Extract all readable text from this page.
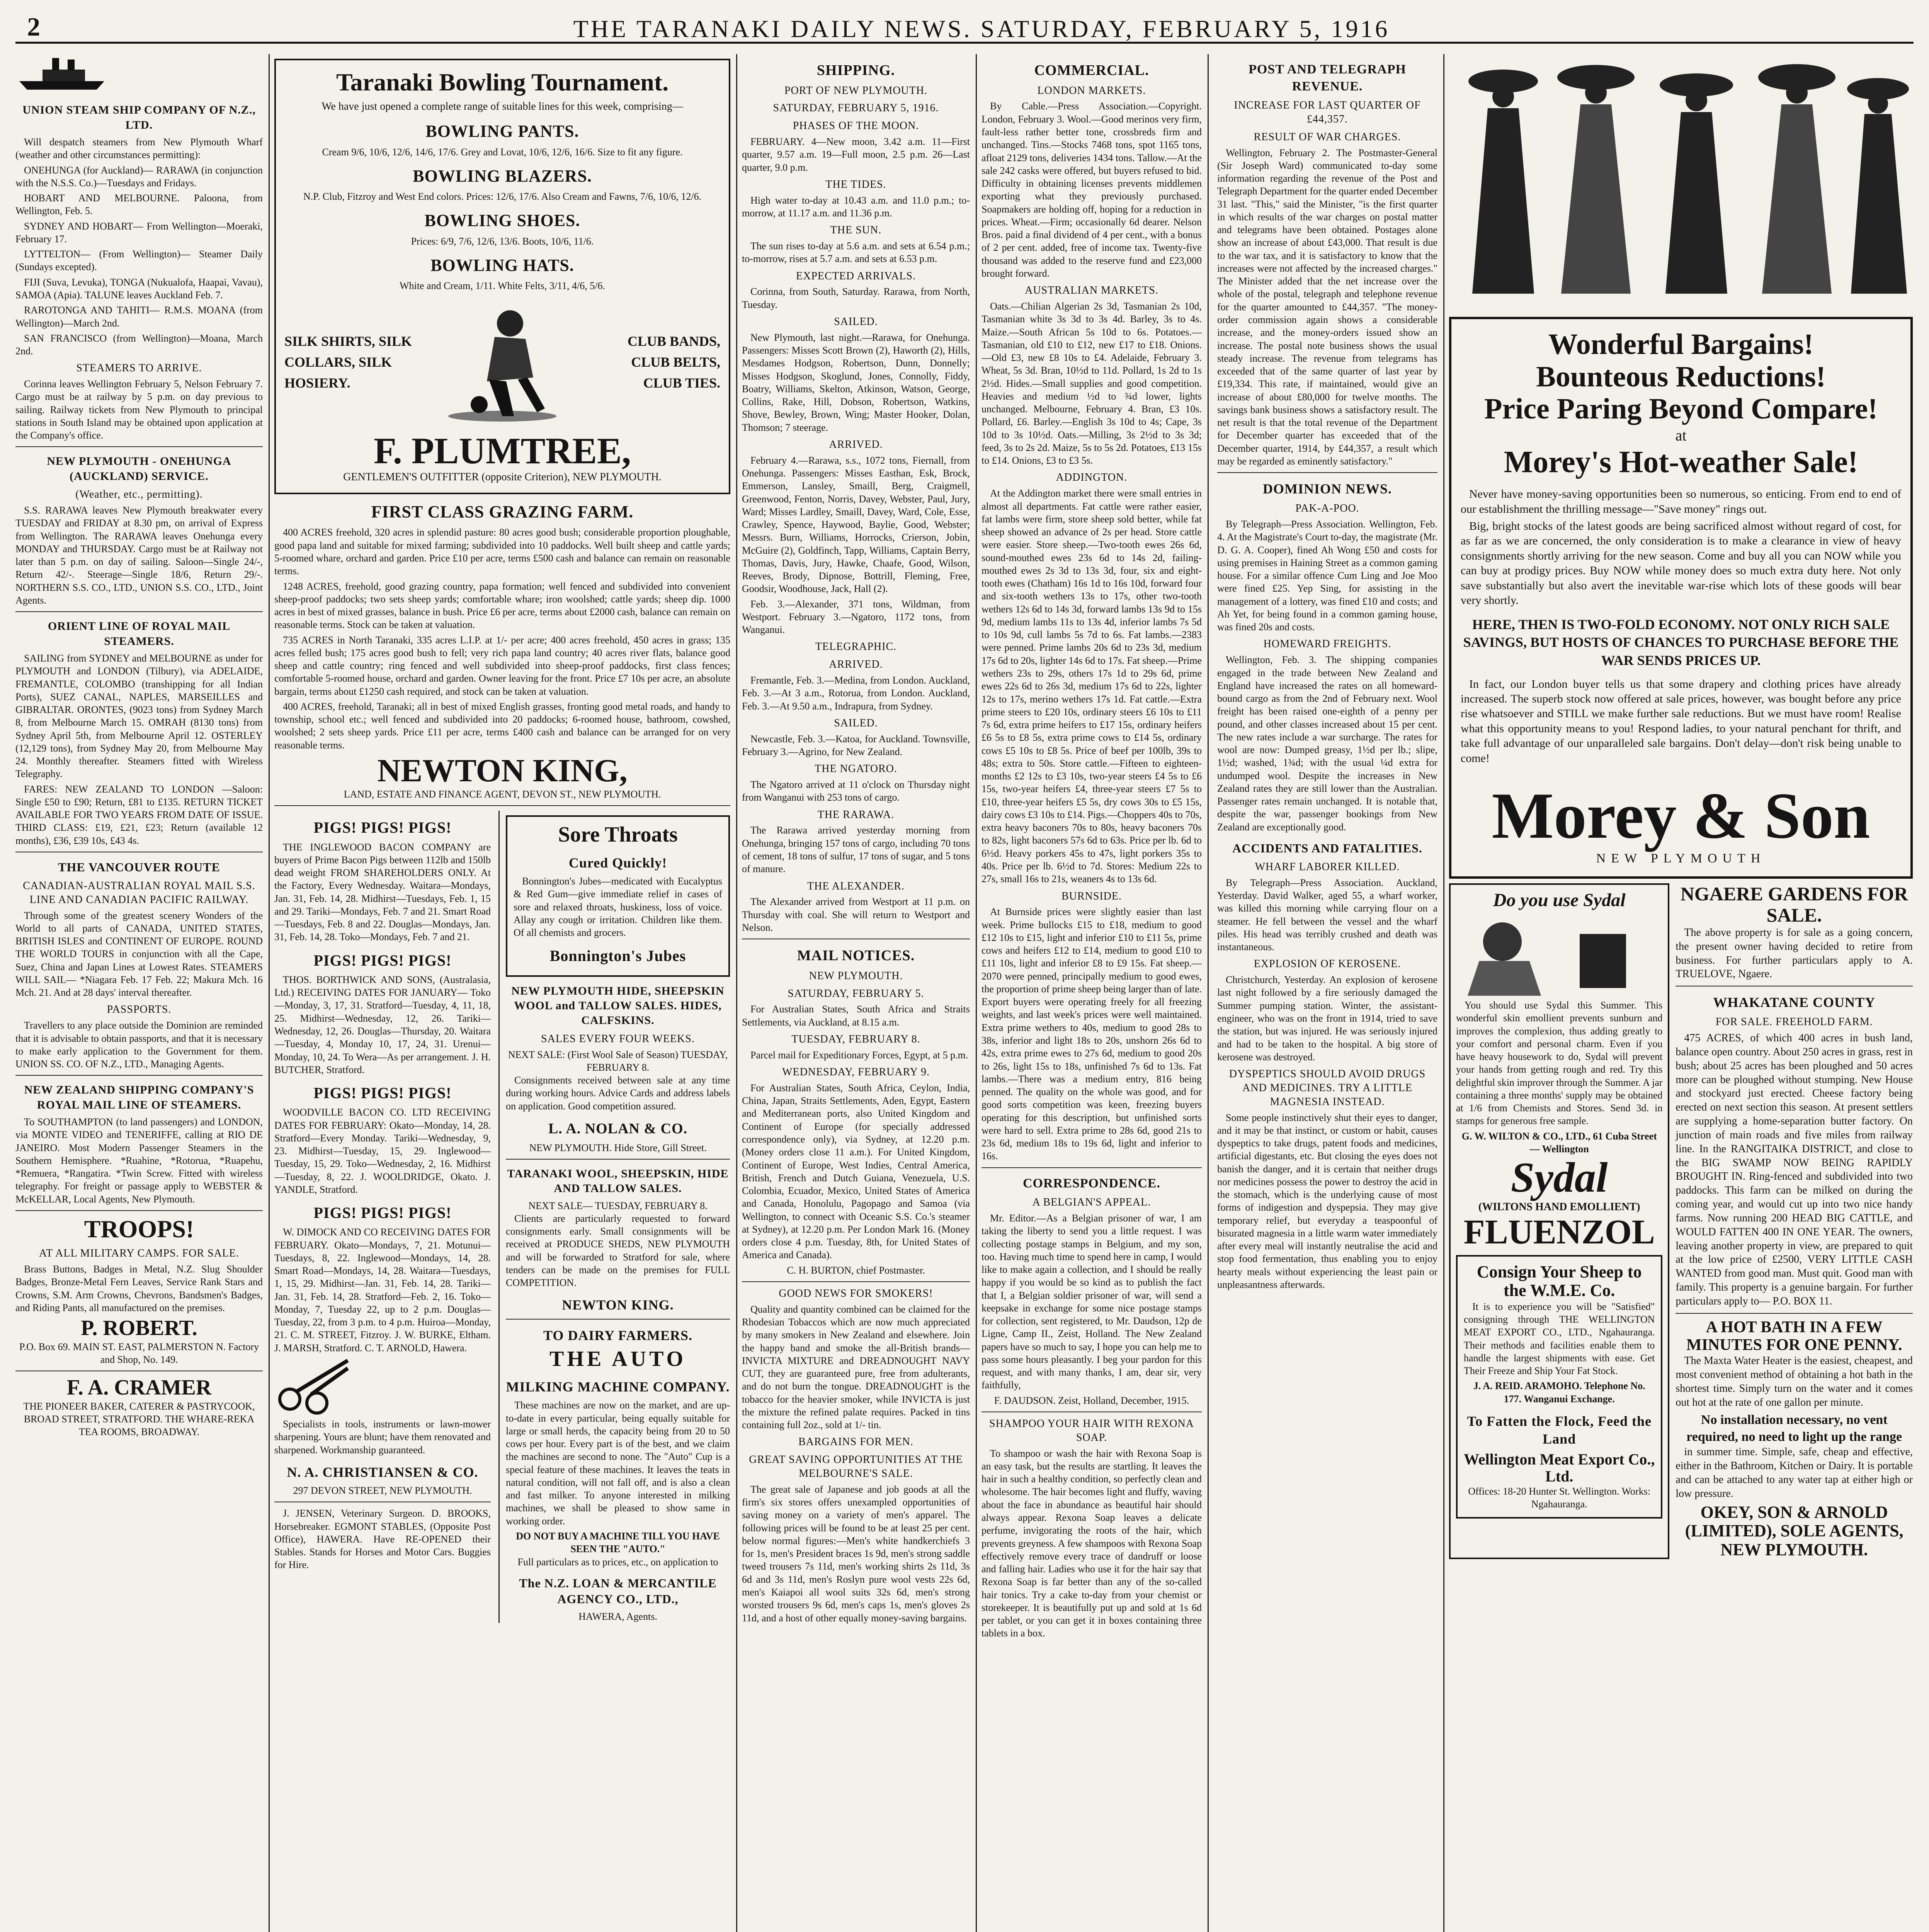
2	THE TARANAKI DAILY NEWS. SATURDAY, FEBRUARY 5, 1916
UNION STEAM SHIP COMPANY OF N.Z., LTD.

Will despatch steamers from New Plymouth Wharf (weather and other circumstances permitting):

ONEHUNGA (for Auckland)— RARAWA (in conjunction with the N.S.S. Co.)—Tuesdays and Fridays.

HOBART AND MELBOURNE. Paloona, from Wellington, Feb. 5.

SYDNEY AND HOBART— From Wellington—Moeraki, February 17.

LYTTELTON— (From Wellington)— Steamer Daily (Sundays excepted).

FIJI (Suva, Levuka), TONGA (Nukualofa, Haapai, Vavau), SAMOA (Apia). TALUNE leaves Auckland Feb. 7.

RAROTONGA AND TAHITI— R.M.S. MOANA (from Wellington)—March 2nd.

SAN FRANCISCO (from Wellington)—Moana, March 2nd.

STEAMERS TO ARRIVE.

Corinna leaves Wellington February 5, Nelson February 7. Cargo must be at railway by 5 p.m. on day previous to sailing. Railway tickets from New Plymouth to principal stations in South Island may be obtained upon application at the Company's office.

NEW PLYMOUTH - ONEHUNGA (AUCKLAND) SERVICE.
(Weather, etc., permitting).

S.S. RARAWA leaves New Plymouth breakwater every TUESDAY and FRIDAY at 8.30 pm, on arrival of Express from Wellington. The RARAWA leaves Onehunga every MONDAY and THURSDAY. Cargo must be at Railway not later than 5 p.m. on day of sailing. Saloon—Single 24/-, Return 42/-. Steerage—Single 18/6, Return 29/-. NORTHERN S.S. CO., LTD., UNION S.S. CO., LTD., Joint Agents.

ORIENT LINE OF ROYAL MAIL STEAMERS.

SAILING from SYDNEY and MELBOURNE as under for PLYMOUTH and LONDON (Tilbury), via ADELAIDE, FREMANTLE, COLOMBO (transhipping for all Indian Ports), SUEZ CANAL, NAPLES, MARSEILLES and GIBRALTAR. ORONTES, (9023 tons) from Sydney March 8, from Melbourne March 15. OMRAH (8130 tons) from Sydney April 5th, from Melbourne April 12. OSTERLEY (12,129 tons), from Sydney May 20, from Melbourne May 24. Monthly thereafter. Steamers fitted with Wireless Telegraphy.

FARES: NEW ZEALAND TO LONDON —Saloon: Single £50 to £90; Return, £81 to £135. RETURN TICKET AVAILABLE FOR TWO YEARS FROM DATE OF ISSUE. THIRD CLASS: £19, £21, £23; Return (available 12 months), £36, £39 10s, £43 4s.

THE VANCOUVER ROUTE
CANADIAN-AUSTRALIAN ROYAL MAIL S.S. LINE AND CANADIAN PACIFIC RAILWAY.

Through some of the greatest scenery Wonders of the World to all parts of CANADA, UNITED STATES, BRITISH ISLES and CONTINENT OF EUROPE. ROUND THE WORLD TOURS in conjunction with all the Cape, Suez, China and Japan Lines at Lowest Rates. STEAMERS WILL SAIL— *Niagara Feb. 17 Feb. 22; Makura Mch. 16 Mch. 21. And at 28 days' interval thereafter.

PASSPORTS.

Travellers to any place outside the Dominion are reminded that it is advisable to obtain passports, and that it is necessary to make early application to the Government for them. UNION SS. CO. OF N.Z., LTD., Managing Agents.

NEW ZEALAND SHIPPING COMPANY'S ROYAL MAIL LINE OF STEAMERS.

To SOUTHAMPTON (to land passengers) and LONDON, via MONTE VIDEO and TENERIFFE, calling at RIO DE JANEIRO. Most Modern Passenger Steamers in the Southern Hemisphere. *Ruahine, *Rotorua, *Ruapehu, *Remuera, *Rangatira. *Twin Screw. Fitted with wireless telegraphy. For freight or passage apply to WEBSTER & McKELLAR, Local Agents, New Plymouth.

TROOPS!
AT ALL MILITARY CAMPS. FOR SALE.

Brass Buttons, Badges in Metal, N.Z. Slug Shoulder Badges, Bronze-Metal Fern Leaves, Service Rank Stars and Crowns, S.M. Arm Crowns, Chevrons, Bandsmen's Badges, and Riding Pants, all manufactured on the premises.

P. ROBERT.
P.O. Box 69. MAIN ST. EAST, PALMERSTON N. Factory and Shop, No. 149.
F. A. CRAMER
THE PIONEER BAKER, CATERER & PASTRYCOOK, BROAD STREET, STRATFORD. THE WHARE-REKA TEA ROOMS, BROADWAY.
Taranaki Bowling Tournament.
We have just opened a complete range of suitable lines for this week, comprising—
BOWLING PANTS.
Cream 9/6, 10/6, 12/6, 14/6, 17/6. Grey and Lovat, 10/6, 12/6, 16/6. Size to fit any figure.
BOWLING BLAZERS.
N.P. Club, Fitzroy and West End colors. Prices: 12/6, 17/6. Also Cream and Fawns, 7/6, 10/6, 12/6.
BOWLING SHOES.
Prices: 6/9, 7/6, 12/6, 13/6. Boots, 10/6, 11/6.
BOWLING HATS.
White and Cream, 1/11. White Felts, 3/11, 4/6, 5/6.
SILK SHIRTS, SILK COLLARS, SILK HOSIERY.
CLUB BANDS, CLUB BELTS, CLUB TIES.
F. PLUMTREE,
GENTLEMEN'S OUTFITTER (opposite Criterion), NEW PLYMOUTH.
FIRST CLASS GRAZING FARM.

400 ACRES freehold, 320 acres in splendid pasture: 80 acres good bush; considerable proportion ploughable, good papa land and suitable for mixed farming; subdivided into 10 paddocks. Well built sheep and cattle yards; 5-roomed whare, orchard and garden. Price £10 per acre, terms £500 cash and balance can remain on reasonable terms.

1248 ACRES, freehold, good grazing country, papa formation; well fenced and subdivided into convenient sheep-proof paddocks; two sets sheep yards; comfortable whare; iron woolshed; cattle yards; sheep dip. 1000 acres in best of mixed grasses, balance in bush. Price £6 per acre, terms about £2000 cash, balance can remain on reasonable terms. Stock can be taken at valuation.

735 ACRES in North Taranaki, 335 acres L.I.P. at 1/- per acre; 400 acres freehold, 450 acres in grass; 135 acres felled bush; 175 acres good bush to fell; very rich papa land country; 40 acres river flats, balance good sheep and cattle country; ring fenced and well subdivided into sheep-proof paddocks, first class fences; comfortable 5-roomed house, orchard and garden. Owner leaving for the front. Price £7 10s per acre, an absolute bargain, terms about £1250 cash required, and stock can be taken at valuation.

400 ACRES, freehold, Taranaki; all in best of mixed English grasses, fronting good metal roads, and handy to township, school etc.; well fenced and subdivided into 20 paddocks; 6-roomed house, bathroom, cowshed, woolshed; 2 sets sheep yards. Price £11 per acre, terms £400 cash and balance can be arranged for on very reasonable terms.

NEWTON KING,
LAND, ESTATE AND FINANCE AGENT, DEVON ST., NEW PLYMOUTH.
PIGS! PIGS! PIGS!

THE INGLEWOOD BACON COMPANY are buyers of Prime Bacon Pigs between 112lb and 150lb dead weight FROM SHAREHOLDERS ONLY. At the Factory, Every Wednesday. Waitara—Mondays, Jan. 31, Feb. 14, 28. Midhirst—Tuesdays, Feb. 1, 15 and 29. Tariki—Mondays, Feb. 7 and 21. Smart Road—Tuesdays, Feb. 8 and 22. Douglas—Mondays, Jan. 31, Feb. 14, 28. Toko—Mondays, Feb. 7 and 21.

PIGS! PIGS! PIGS!

THOS. BORTHWICK AND SONS, (Australasia, Ltd.) RECEIVING DATES FOR JANUARY— Toko—Monday, 3, 17, 31. Stratford—Tuesday, 4, 11, 18, 25. Midhirst—Wednesday, 12, 26. Tariki—Wednesday, 12, 26. Douglas—Thursday, 20. Waitara—Tuesday, 4, Monday 10, 17, 24, 31. Urenui—Monday, 10, 24. To Wera—As per arrangement. J. H. BUTCHER, Stratford.

PIGS! PIGS! PIGS!

WOODVILLE BACON CO. LTD RECEIVING DATES FOR FEBRUARY: Okato—Monday, 14, 28. Stratford—Every Monday. Tariki—Wednesday, 9, 23. Midhirst—Tuesday, 15, 29. Inglewood—Tuesday, 15, 29. Toko—Wednesday, 2, 16. Midhirst—Tuesday, 8, 22. J. WOOLDRIDGE, Okato. J. YANDLE, Stratford.

PIGS! PIGS! PIGS!

W. DIMOCK AND CO RECEIVING DATES FOR FEBRUARY. Okato—Mondays, 7, 21. Motunui—Tuesdays, 8, 22. Inglewood—Mondays, 14, 28. Smart Road—Mondays, 14, 28. Waitara—Tuesdays, 1, 15, 29. Midhirst—Jan. 31, Feb. 14, 28. Tariki—Jan. 31, Feb. 14, 28. Stratford—Feb. 2, 16. Toko—Monday, 7, Tuesday 22, up to 2 p.m. Douglas—Tuesday, 22, from 3 p.m. to 4 p.m. Huiroa—Monday, 21. C. M. STREET, Fitzroy. J. W. BURKE, Eltham. J. MARSH, Stratford. C. T. ARNOLD, Hawera.

Specialists in tools, instruments or lawn-mower sharpening. Yours are blunt; have them renovated and sharpened. Workmanship guaranteed.

N. A. CHRISTIANSEN & CO.
297 DEVON STREET, NEW PLYMOUTH.

J. JENSEN, Veterinary Surgeon. D. BROOKS, Horsebreaker. EGMONT STABLES, (Opposite Post Office), HAWERA. Have RE-OPENED their Stables. Stands for Horses and Motor Cars. Buggies for Hire.

Sore Throats
Cured Quickly!

Bonnington's Jubes—medicated with Eucalyptus & Red Gum—give immediate relief in cases of sore and relaxed throats, huskiness, loss of voice. Allay any cough or irritation. Children like them. Of all chemists and grocers.

Bonnington's Jubes
NEW PLYMOUTH HIDE, SHEEPSKIN WOOL and TALLOW SALES. HIDES, CALFSKINS.
SALES EVERY FOUR WEEKS.
NEXT SALE: (First Wool Sale of Season) TUESDAY, FEBRUARY 8.

Consignments received between sale at any time during working hours. Advice Cards and address labels on application. Good competition assured.

L. A. NOLAN & CO.
NEW PLYMOUTH. Hide Store, Gill Street.
TARANAKI WOOL, SHEEPSKIN, HIDE AND TALLOW SALES.
NEXT SALE— TUESDAY, FEBRUARY 8.

Clients are particularly requested to forward consignments early. Small consignments will be received at PRODUCE SHEDS, NEW PLYMOUTH and will be forwarded to Stratford for sale, where tenders can be made on the premises for FULL COMPETITION.

NEWTON KING.
TO DAIRY FARMERS.
THE AUTO
MILKING MACHINE COMPANY.

These machines are now on the market, and are up-to-date in every particular, being equally suitable for large or small herds, the capacity being from 20 to 50 cows per hour. Every part is of the best, and we claim the machines are second to none. The "Auto" Cup is a special feature of these machines. It leaves the teats in natural condition, will not fall off, and is also a clean and fast milker. To anyone interested in milking machines, we shall be pleased to show same in working order.

DO NOT BUY A MACHINE TILL YOU HAVE SEEN THE "AUTO."
Full particulars as to prices, etc., on application to
The N.Z. LOAN & MERCANTILE AGENCY CO., LTD.,
HAWERA, Agents.
SHIPPING.
PORT OF NEW PLYMOUTH.
SATURDAY, FEBRUARY 5, 1916.
PHASES OF THE MOON.

FEBRUARY. 4—New moon, 3.42 a.m. 11—First quarter, 9.57 a.m. 19—Full moon, 2.5 p.m. 26—Last quarter, 9.0 p.m.

THE TIDES.

High water to-day at 10.43 a.m. and 11.0 p.m.; to-morrow, at 11.17 a.m. and 11.36 p.m.

THE SUN.

The sun rises to-day at 5.6 a.m. and sets at 6.54 p.m.; to-morrow, rises at 5.7 a.m. and sets at 6.53 p.m.

EXPECTED ARRIVALS.

Corinna, from South, Saturday. Rarawa, from North, Tuesday.

SAILED.

New Plymouth, last night.—Rarawa, for Onehunga. Passengers: Misses Scott Brown (2), Haworth (2), Hills, Mesdames Hodgson, Robertson, Dunn, Donnelly; Misses Hodgson, Skoglund, Jones, Connolly, Fiddy, Boatry, Williams, Skelton, Atkinson, Watson, George, Collins, Rake, Hill, Dobson, Robertson, Watkins, Shove, Bewley, Brown, Wing; Master Hooker, Dolan, Thomson; 7 steerage.

ARRIVED.

February 4.—Rarawa, s.s., 1072 tons, Fiernall, from Onehunga. Passengers: Misses Easthan, Esk, Brock, Emmerson, Lansley, Smaill, Berg, Craigmell, Greenwood, Fenton, Norris, Davey, Webster, Paul, Jury, Ward; Misses Lardley, Smaill, Davey, Ward, Cole, Esse, Crawley, Spence, Haywood, Baylie, Good, Webster; Messrs. Burn, Williams, Horrocks, Crierson, Jobin, McGuire (2), Goldfinch, Tapp, Williams, Captain Berry, Thomas, Davis, Jury, Hawke, Chaafe, Good, Wilson, Reeves, Brody, Dipnose, Bottrill, Fleming, Free, Goodsir, Woodhouse, Jack, Hall (2).

Feb. 3.—Alexander, 371 tons, Wildman, from Westport. February 3.—Ngatoro, 1172 tons, from Wanganui.

TELEGRAPHIC.
ARRIVED.

Fremantle, Feb. 3.—Medina, from London. Auckland, Feb. 3.—At 3 a.m., Rotorua, from London. Auckland, Feb. 3.—At 9.50 a.m., Indrapura, from Sydney.

SAILED.

Newcastle, Feb. 3.—Katoa, for Auckland. Townsville, February 3.—Agrino, for New Zealand.

THE NGATORO.

The Ngatoro arrived at 11 o'clock on Thursday night from Wanganui with 253 tons of cargo.

THE RARAWA.

The Rarawa arrived yesterday morning from Onehunga, bringing 157 tons of cargo, including 70 tons of cement, 18 tons of sulfur, 17 tons of sugar, and 5 tons of manure.

THE ALEXANDER.

The Alexander arrived from Westport at 11 p.m. on Thursday with coal. She will return to Westport and Nelson.

MAIL NOTICES.
NEW PLYMOUTH.
SATURDAY, FEBRUARY 5.

For Australian States, South Africa and Straits Settlements, via Auckland, at 8.15 a.m.

TUESDAY, FEBRUARY 8.

Parcel mail for Expeditionary Forces, Egypt, at 5 p.m.

WEDNESDAY, FEBRUARY 9.

For Australian States, South Africa, Ceylon, India, China, Japan, Straits Settlements, Aden, Egypt, Eastern and Mediterranean ports, also United Kingdom and Continent of Europe (for specially addressed correspondence only), via Sydney, at 12.20 p.m. (Money orders close 11 a.m.). For United Kingdom, Continent of Europe, West Indies, Central America, British, French and Dutch Guiana, Venezuela, U.S. Colombia, Ecuador, Mexico, United States of America and Canada, Honolulu, Pagopago and Samoa (via Wellington, to connect with Oceanic S.S. Co.'s steamer at Sydney), at 12.20 p.m. Per London Mark 16. (Money orders close 4 p.m. Tuesday, 8th, for United States of America and Canada).

C. H. BURTON, chief Postmaster.
GOOD NEWS FOR SMOKERS!

Quality and quantity combined can be claimed for the Rhodesian Tobaccos which are now much appreciated by many smokers in New Zealand and elsewhere. Join the happy band and smoke the all-British brands—INVICTA MIXTURE and DREADNOUGHT NAVY CUT, they are guaranteed pure, free from adulterants, and do not burn the tongue. DREADNOUGHT is the tobacco for the heavier smoker, while INVICTA is just the mixture the refined palate requires. Packed in tins containing full 2oz., sold at 1/- tin.

BARGAINS FOR MEN.
GREAT SAVING OPPORTUNITIES AT THE MELBOURNE'S SALE.

The great sale of Japanese and job goods at all the firm's six stores offers unexampled opportunities of saving money on a variety of men's apparel. The following prices will be found to be at least 25 per cent. below normal figures:—Men's white handkerchiefs 3 for 1s, men's President braces 1s 9d, men's strong saddle tweed trousers 7s 11d, men's working shirts 2s 11d, 3s 6d and 3s 11d, men's Roslyn pure wool vests 22s 6d, men's Kaiapoi all wool suits 32s 6d, men's strong worsted trousers 9s 6d, men's caps 1s, men's gloves 2s 11d, and a host of other equally money-saving bargains.

COMMERCIAL.
LONDON MARKETS.

By Cable.—Press Association.—Copyright. London, February 3. Wool.—Good merinos very firm, fault-less rather better tone, crossbreds firm and unchanged. Tins.—Stocks 7468 tons, spot 1165 tons, afloat 2129 tons, deliveries 1434 tons. Tallow.—At the sale 242 casks were offered, but buyers refused to bid. Difficulty in obtaining licenses prevents middlemen exporting what they previously purchased. Soapmakers are holding off, hoping for a reduction in prices. Wheat.—Firm; occasionally 6d dearer. Nelson Bros. paid a final dividend of 4 per cent., with a bonus of 2 per cent. added, free of income tax. Twenty-five thousand was added to the reserve fund and £23,000 brought forward.

AUSTRALIAN MARKETS.

Oats.—Chilian Algerian 2s 3d, Tasmanian 2s 10d, Tasmanian white 3s 3d to 3s 4d. Barley, 3s to 4s. Maize.—South African 5s 10d to 6s. Potatoes.—Tasmanian, old £10 to £12, new £17 to £18. Onions.—Old £3, new £8 10s to £4. Adelaide, February 3. Wheat, 5s 3d. Bran, 10½d to 11d. Pollard, 1s 2d to 1s 2½d. Hides.—Small supplies and good competition. Heavies and medium ½d to ¾d lower, lights unchanged. Melbourne, February 4. Bran, £3 10s. Pollard, £6. Barley.—English 3s 10d to 4s; Cape, 3s 10d to 3s 10½d. Oats.—Milling, 3s 2½d to 3s 3d; feed, 3s to 2s 2d. Maize, 5s to 5s 2d. Potatoes, £13 15s to £14. Onions, £3 to £3 5s.

ADDINGTON.

At the Addington market there were small entries in almost all departments. Fat cattle were rather easier, fat lambs were firm, store sheep sold better, while fat sheep showed an advance of 2s per head. Store cattle were easier. Store sheep.—Two-tooth ewes 26s 6d, sound-mouthed ewes 23s 6d to 14s 2d, failing-mouthed ewes 2s 3d to 13s 3d, four, six and eight-tooth ewes (Chatham) 16s 1d to 16s 10d, forward four and six-tooth wethers 13s to 17s, other two-tooth wethers 12s 6d to 14s 3d, forward lambs 13s 9d to 15s 9d, medium lambs 11s to 13s 4d, inferior lambs 7s 5d to 10s 9d, cull lambs 5s 7d to 6s. Fat lambs.—2383 were penned. Prime lambs 20s 6d to 23s 3d, medium 17s 6d to 20s, lighter 14s 6d to 17s. Fat sheep.—Prime wethers 23s to 29s, others 17s 1d to 29s 6d, prime ewes 22s 6d to 26s 3d, medium 17s 6d to 22s, lighter 12s to 17s, merino wethers 17s 1d. Fat cattle.—Extra prime steers to £20 10s, ordinary steers £6 10s to £11 7s 6d, extra prime heifers to £17 15s, ordinary heifers £6 5s to £8 5s, extra prime cows to £14 5s, ordinary cows £5 10s to £8 5s. Price of beef per 100lb, 39s to 48s; extra to 50s. Store cattle.—Fifteen to eighteen-months £2 12s to £3 10s, two-year steers £4 5s to £6 15s, two-year heifers £4, three-year steers £7 5s to £10, three-year heifers £5 5s, dry cows 30s to £5 15s, dairy cows £3 10s to £14. Pigs.—Choppers 40s to 70s, extra heavy baconers 70s to 80s, heavy baconers 70s to 82s, light baconers 57s 6d to 63s. Price per lb. 6d to 6½d. Heavy porkers 45s to 47s, light porkers 35s to 40s. Price per lb. 6½d to 7d. Stores: Medium 22s to 27s, small 16s to 21s, weaners 4s to 13s 6d.

BURNSIDE.

At Burnside prices were slightly easier than last week. Prime bullocks £15 to £18, medium to good £12 10s to £15, light and inferior £10 to £11 5s, prime cows and heifers £12 to £14, medium to good £10 to £11 10s, light and inferior £8 to £9 15s. Fat sheep.—2070 were penned, principally medium to good ewes, the proportion of prime sheep being larger than of late. Export buyers were operating freely for all freezing weights, and last week's prices were well maintained. Extra prime wethers to 40s, medium to good 28s to 38s, inferior and light 18s to 20s, unshorn 26s 6d to 42s, extra prime ewes to 27s 6d, medium to good 20s to 26s, light 15s to 18s, unfinished 7s 6d to 13s. Fat lambs.—There was a medium entry, 816 being penned. The quality on the whole was good, and for good sorts competition was keen, freezing buyers operating for this description, but unfinished sorts were hard to sell. Extra prime to 28s 6d, good 21s to 23s 6d, medium 18s to 19s 6d, light and inferior to 16s.

CORRESPONDENCE.
A BELGIAN'S APPEAL.

Mr. Editor.—As a Belgian prisoner of war, I am taking the liberty to send you a little request. I was collecting postage stamps in Belgium, and my son, too. Having much time to spend here in camp, I would like to make again a collection, and I should be really happy if you would be so kind as to publish the fact that I, a Belgian soldier prisoner of war, will send a keepsake in exchange for some nice postage stamps for collection, sent registered, to Mr. Daudson, 12p de Ligne, Camp II., Zeist, Holland. The New Zealand papers have so much to say, I hope you can help me to pass some hours pleasantly. I beg your pardon for this request, and with many thanks, I am, dear sir, very faithfully,

F. DAUDSON. Zeist, Holland, December, 1915.
SHAMPOO YOUR HAIR WITH REXONA SOAP.

To shampoo or wash the hair with Rexona Soap is an easy task, but the results are startling. It leaves the hair in such a healthy condition, so perfectly clean and wholesome. The hair becomes light and fluffy, waving about the face in abundance as beautiful hair should always appear. Rexona Soap leaves a delicate perfume, invigorating the roots of the hair, which prevents greyness. A few shampoos with Rexona Soap effectively remove every trace of dandruff or loose and falling hair. Ladies who use it for the hair say that Rexona Soap is far better than any of the so-called hair tonics. Try a cake to-day from your chemist or storekeeper. It is beautifully put up and sold at 1s 6d per tablet, or you can get it in boxes containing three tablets in a box.

POST AND TELEGRAPH REVENUE.
INCREASE FOR LAST QUARTER OF £44,357.
RESULT OF WAR CHARGES.

Wellington, February 2. The Postmaster-General (Sir Joseph Ward) communicated to-day some information regarding the revenue of the Post and Telegraph Department for the quarter ended December 31 last. "This," said the Minister, "is the first quarter in which results of the war charges on postal matter and telegrams have been obtained. Postages alone show an increase of about £43,000. That result is due to the war tax, and it is satisfactory to know that the increases were not affected by the increased charges." The Minister added that the net increase over the whole of the postal, telegraph and telephone revenue for the quarter amounted to £44,357. "The money-order commission again shows a considerable increase, and the money-orders issued show an increase. The postal note business shows the usual steady increase. The revenue from telegrams has exceeded that of the same quarter of last year by £19,334. This rate, if maintained, would give an increase of about £80,000 for twelve months. The savings bank business shows a satisfactory result. The net result is that the total revenue of the Department for December quarter has exceeded that of the December quarter, 1914, by £44,357, a result which may be regarded as eminently satisfactory."

DOMINION NEWS.
PAK-A-POO.

By Telegraph—Press Association. Wellington, Feb. 4. At the Magistrate's Court to-day, the magistrate (Mr. D. G. A. Cooper), fined Ah Wong £50 and costs for using premises in Haining Street as a common gaming house. For a similar offence Cum Ling and Joe Moo were fined £25. Yep Sing, for assisting in the management of a lottery, was fined £10 and costs; and Ah Yet, for being found in a common gaming house, was fined 20s and costs.

HOMEWARD FREIGHTS.

Wellington, Feb. 3. The shipping companies engaged in the trade between New Zealand and England have increased the rates on all homeward-bound cargo as from the 2nd of February next. Wool freight has been raised one-eighth of a penny per pound, and other classes increased about 15 per cent. The new rates include a war surcharge. The rates for wool are now: Dumped greasy, 1½d per lb.; slipe, 1½d; washed, 1¾d; with the usual ¼d extra for undumped wool. Despite the increases in New Zealand rates they are still lower than the Australian. Passenger rates remain unchanged. It is notable that, despite the war, passenger bookings from New Zealand are exceptionally good.

ACCIDENTS AND FATALITIES.
WHARF LABORER KILLED.

By Telegraph—Press Association. Auckland, Yesterday. David Walker, aged 55, a wharf worker, was killed this morning while carrying flour on a steamer. He fell between the vessel and the wharf piles. His head was terribly crushed and death was instantaneous.

EXPLOSION OF KEROSENE.

Christchurch, Yesterday. An explosion of kerosene last night followed by a fire seriously damaged the Summer pumping station. Winter, the assistant-engineer, who was on the front in 1914, tried to save the station, but was injured. He was seriously injured and had to be taken to the hospital. A big store of kerosene was destroyed.

DYSPEPTICS SHOULD AVOID DRUGS AND MEDICINES. TRY A LITTLE MAGNESIA INSTEAD.

Some people instinctively shut their eyes to danger, and it may be that instinct, or custom or habit, causes dyspeptics to take drugs, patent foods and medicines, artificial digestants, etc. But closing the eyes does not banish the danger, and it is certain that neither drugs nor medicines possess the power to destroy the acid in the stomach, which is the underlying cause of most forms of indigestion and dyspepsia. They may give temporary relief, but everyday a teaspoonful of bisurated magnesia in a little warm water immediately after every meal will instantly neutralise the acid and stop food fermentation, thus enabling you to enjoy hearty meals without experiencing the least pain or unpleasantness afterwards.

Wonderful Bargains!
Bounteous Reductions!
Price Paring Beyond Compare!
at
Morey's Hot-weather Sale!

Never have money-saving opportunities been so numerous, so enticing. From end to end of our establishment the thrilling message—"Save money" rings out.

Big, bright stocks of the latest goods are being sacrificed almost without regard of cost, for as far as we are concerned, the only consideration is to make a clearance in view of heavy consignments shortly arriving for the new season. Come and buy all you can NOW while you can buy at prodigy prices. Buy NOW while money does so much extra duty here. Not only save substantially but also avert the inevitable war-rise which lots of these goods will bear very shortly.

HERE, THEN IS TWO-FOLD ECONOMY. NOT ONLY RICH SALE SAVINGS, BUT HOSTS OF CHANCES TO PURCHASE BEFORE THE WAR SENDS PRICES UP.

In fact, our London buyer tells us that some drapery and clothing prices have already increased. The superb stock now offered at sale prices, however, was bought before any price rise whatsoever and STILL we make further sale reductions. But we must have room! Realise what this opportunity means to you! Respond ladies, to your natural penchant for thrift, and take full advantage of our unparalleled sale bargains. Don't delay—don't risk being unable to come!

Morey & Son
NEW PLYMOUTH
Do you use Sydal

You should use Sydal this Summer. This wonderful skin emollient prevents sunburn and improves the complexion, thus adding greatly to your comfort and personal charm. Even if you have heavy housework to do, Sydal will prevent your hands from getting rough and red. Try this delightful skin improver through the Summer. A jar containing a three months' supply may be obtained at 1/6 from Chemists and Stores. Send 3d. in stamps for generous free sample.

G. W. WILTON & CO., LTD., 61 Cuba Street — Wellington
Sydal
(WILTONS HAND EMOLLIENT)
FLUENZOL
Consign Your Sheep to the W.M.E. Co.

It is to experience you will be "Satisfied" consigning through THE WELLINGTON MEAT EXPORT CO., LTD., Ngahauranga. Their methods and facilities enable them to handle the largest shipments with ease. Get Their Freeze and Ship Your Fat Stock.

J. A. REID. ARAMOHO. Telephone No. 177. Wanganui Exchange.
To Fatten the Flock, Feed the Land
Wellington Meat Export Co., Ltd.
Offices: 18-20 Hunter St. Wellington. Works: Ngahauranga.
NGAERE GARDENS FOR SALE.

The above property is for sale as a going concern, the present owner having decided to retire from business. For further particulars apply to A. TRUELOVE, Ngaere.

WHAKATANE COUNTY
FOR SALE. FREEHOLD FARM.

475 ACRES, of which 400 acres in bush land, balance open country. About 250 acres in grass, rest in bush; about 25 acres has been ploughed and 50 acres more can be ploughed without stumping. New House and stockyard just erected. Cheese factory being erected on next section this season. At present settlers are supplying a home-separation butter factory. On junction of main roads and five miles from railway line. In the RANGITAIKA DISTRICT, and close to the BIG SWAMP NOW BEING RAPIDLY BROUGHT IN. Ring-fenced and subdivided into two paddocks. This farm can be milked on during the coming year, and would cut up into two nice handy farms. Now running 200 HEAD BIG CATTLE, and WOULD FATTEN 400 IN ONE YEAR. The owners, leaving another property in view, are prepared to quit at the low price of £2500, VERY LITTLE CASH WANTED from good man. Must quit. Good man with family. This property is a genuine bargain. For further particulars apply to— P.O. BOX 11.

A HOT BATH IN A FEW MINUTES FOR ONE PENNY.

The Maxta Water Heater is the easiest, cheapest, and most convenient method of obtaining a hot bath in the shortest time. Simply turn on the water and it comes out hot at the rate of one gallon per minute.

No installation necessary, no vent required, no need to light up the range

in summer time. Simple, safe, cheap and effective, either in the Bathroom, Kitchen or Dairy. It is portable and can be attached to any water tap at either high or low pressure.

OKEY, SON & ARNOLD (LIMITED), SOLE AGENTS, NEW PLYMOUTH.
